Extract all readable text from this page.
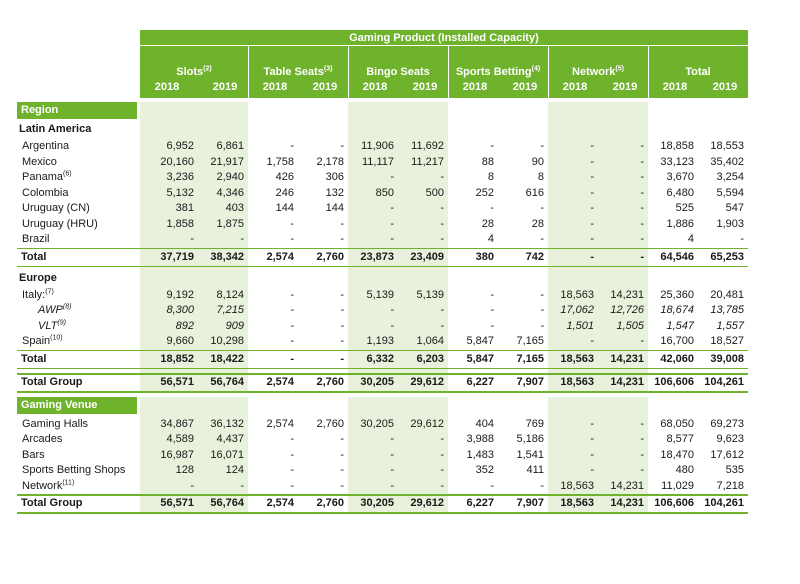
Gaming Product (Installed Capacity)
Slots$^{(2)}$
2018	2019
Table Seats$^{(3)}$
2018	2019
Bingo Seats
2018	2019
Sports Betting$^{(4)}$
2018	2019
Network$^{(5)}$
2018	2019
Total
2018	2019
Region
Latin America
Argentina	6,952	6,861	-	-	11,906	11,692	-	-	-	-	18,858	18,553
Mexico	20,160	21,917	1,758	2,178	11,117	11,217	88	90	-	-	33,123	35,402
Panama$^{(6)}$	3,236	2,940	426	306	-	-	8	8	-	-	3,670	3,254
Colombia	5,132	4,346	246	132	850	500	252	616	-	-	6,480	5,594
Uruguay (CN)	381	403	144	144	-	-	-	-	-	-	525	547
Uruguay (HRU)	1,858	1,875	-	-	-	-	28	28	-	-	1,886	1,903
Brazil	-	-	-	-	-	-	4	-	-	-	4	-
Total	37,719	38,342	2,574	2,760	23,873	23,409	380	742	-	-	64,546	65,253
Europe
Italy:$^{(7)}$	9,192	8,124	-	-	5,139	5,139	-	-	18,563	14,231	25,360	20,481
AWP$^{(8)}$	8,300	7,215	-	-	-	-	-	-	17,062	12,726	18,674	13,785
VLT$^{(9)}$	892	909	-	-	-	-	-	-	1,501	1,505	1,547	1,557
Spain$^{(10)}$	9,660	10,298	-	-	1,193	1,064	5,847	7,165	-	-	16,700	18,527
Total	18,852	18,422	-	-	6,332	6,203	5,847	7,165	18,563	14,231	42,060	39,008
Total Group	56,571	56,764	2,574	2,760	30,205	29,612	6,227	7,907	18,563	14,231 106,606 104,261
Gaming Venue
Gaming Halls	34,867	36,132	2,574	2,760	30,205	29,612	404	769	-	-	68,050	69,273
Arcades	4,589	4,437	-	-	-	-	3,988	5,186	-	-	8,577	9,623
Bars	16,987	16,071	-	-	-	-	1,483	1,541	-	-	18,470	17,612
Sports Betting Shops	128	124	-	-	-	-	352	411	-	-	480	535
Network$^{(11)}$	-	-	-	-	-	-	-	-	18,563	14,231	11,029	7,218
Total Group	56,571	56,764	2,574	2,760	30,205	29,612	6,227	7,907	18,563	14,231 106,606 104,261
